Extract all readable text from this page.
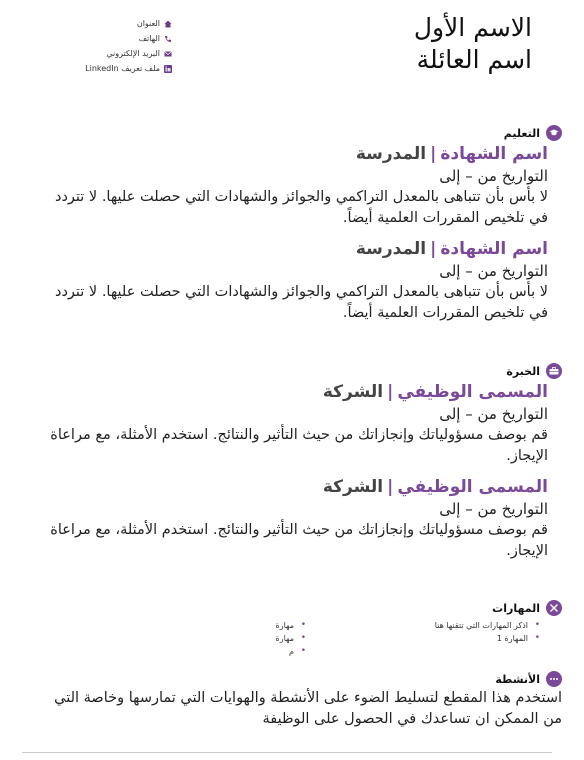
الاسم الأول
اسم العائلة
العنوان
الهاتف
البريد الإلكتروني
ملف تعريف LinkedIn
التعليم
اسم الشهادة|المدرسة
التواريخ من – إلى
لا بأس بأن تتباهى بالمعدل التراكمي والجوائز والشهادات التي حصلت عليها. لا تتردد في تلخيص المقررات العلمية أيضاً.
اسم الشهادة|المدرسة
التواريخ من – إلى
لا بأس بأن تتباهى بالمعدل التراكمي والجوائز والشهادات التي حصلت عليها. لا تتردد في تلخيص المقررات العلمية أيضاً.
الخبرة
المسمى الوظيفي|الشركة
التواريخ من – إلى
قم بوصف مسؤولياتك وإنجازاتك من حيث التأثير والنتائج. استخدم الأمثلة، مع مراعاة الإيجاز.
المسمى الوظيفي|الشركة
التواريخ من – إلى
قم بوصف مسؤولياتك وإنجازاتك من حيث التأثير والنتائج. استخدم الأمثلة، مع مراعاة الإيجاز.
المهارات
• اذكر المهارات التي تتقنها هنا
• المهارة 1
• مهارة
• مهارة
• م
الأنشطة
استخدم هذا المقطع لتسليط الضوء على الأنشطة والهوايات التي تمارسها وخاصة التي من الممكن ان تساعدك في الحصول على الوظيفة
